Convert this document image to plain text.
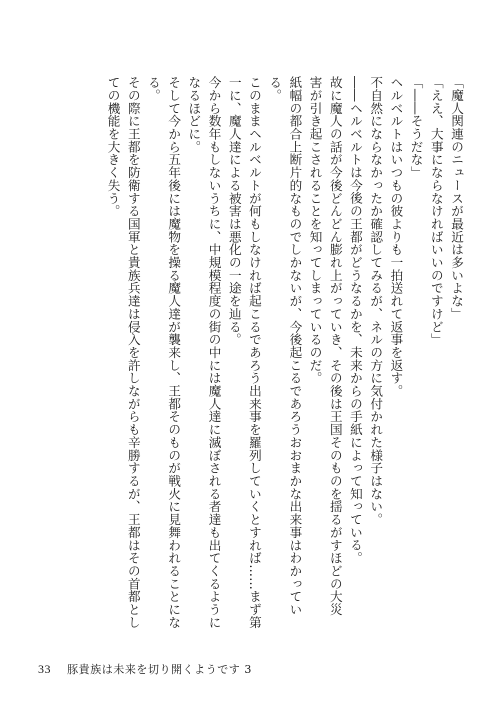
「魔人関連のニュースが最近は多いよな」

「ええ、大事にならなければいいのですけど」

「――そうだな」

ヘルベルトはいつもの彼よりも一拍送れて返事を返す。

不自然にならなかったか確認してみるが、ネルの方に気付かれた様子はない。

――ヘルベルトは今後の王都がどうなるかを、未来からの手紙によって知っている。

故に魔人の話が今後どんどん膨れ上がっていき、その後は王国そのものを揺るがすほどの大災

害が引き起こされることを知ってしまっているのだ。

紙幅の都合上断片的なものでしかないが、今後起こるであろうおおまかな出来事はわかっている。

このままヘルベルトが何もしなければ起こるであろう出来事を羅列していくとすれば……まず第

一に、魔人達による被害は悪化の一途を辿る。

今から数年もしないうちに、中規模程度の街の中には魔人達に滅ぼされる者達も出てくるように

なるほどに。

そして今から五年後には魔物を操る魔人達が襲来し、王都そのものが戦火に見舞われることにな

る。

その際に王都を防衛する国軍と貴族兵達は侵入を許しながらも辛勝するが、王都はその首都とし

ての機能を大きく失う。

33 豚貴族は未来を切り開くようです 3
